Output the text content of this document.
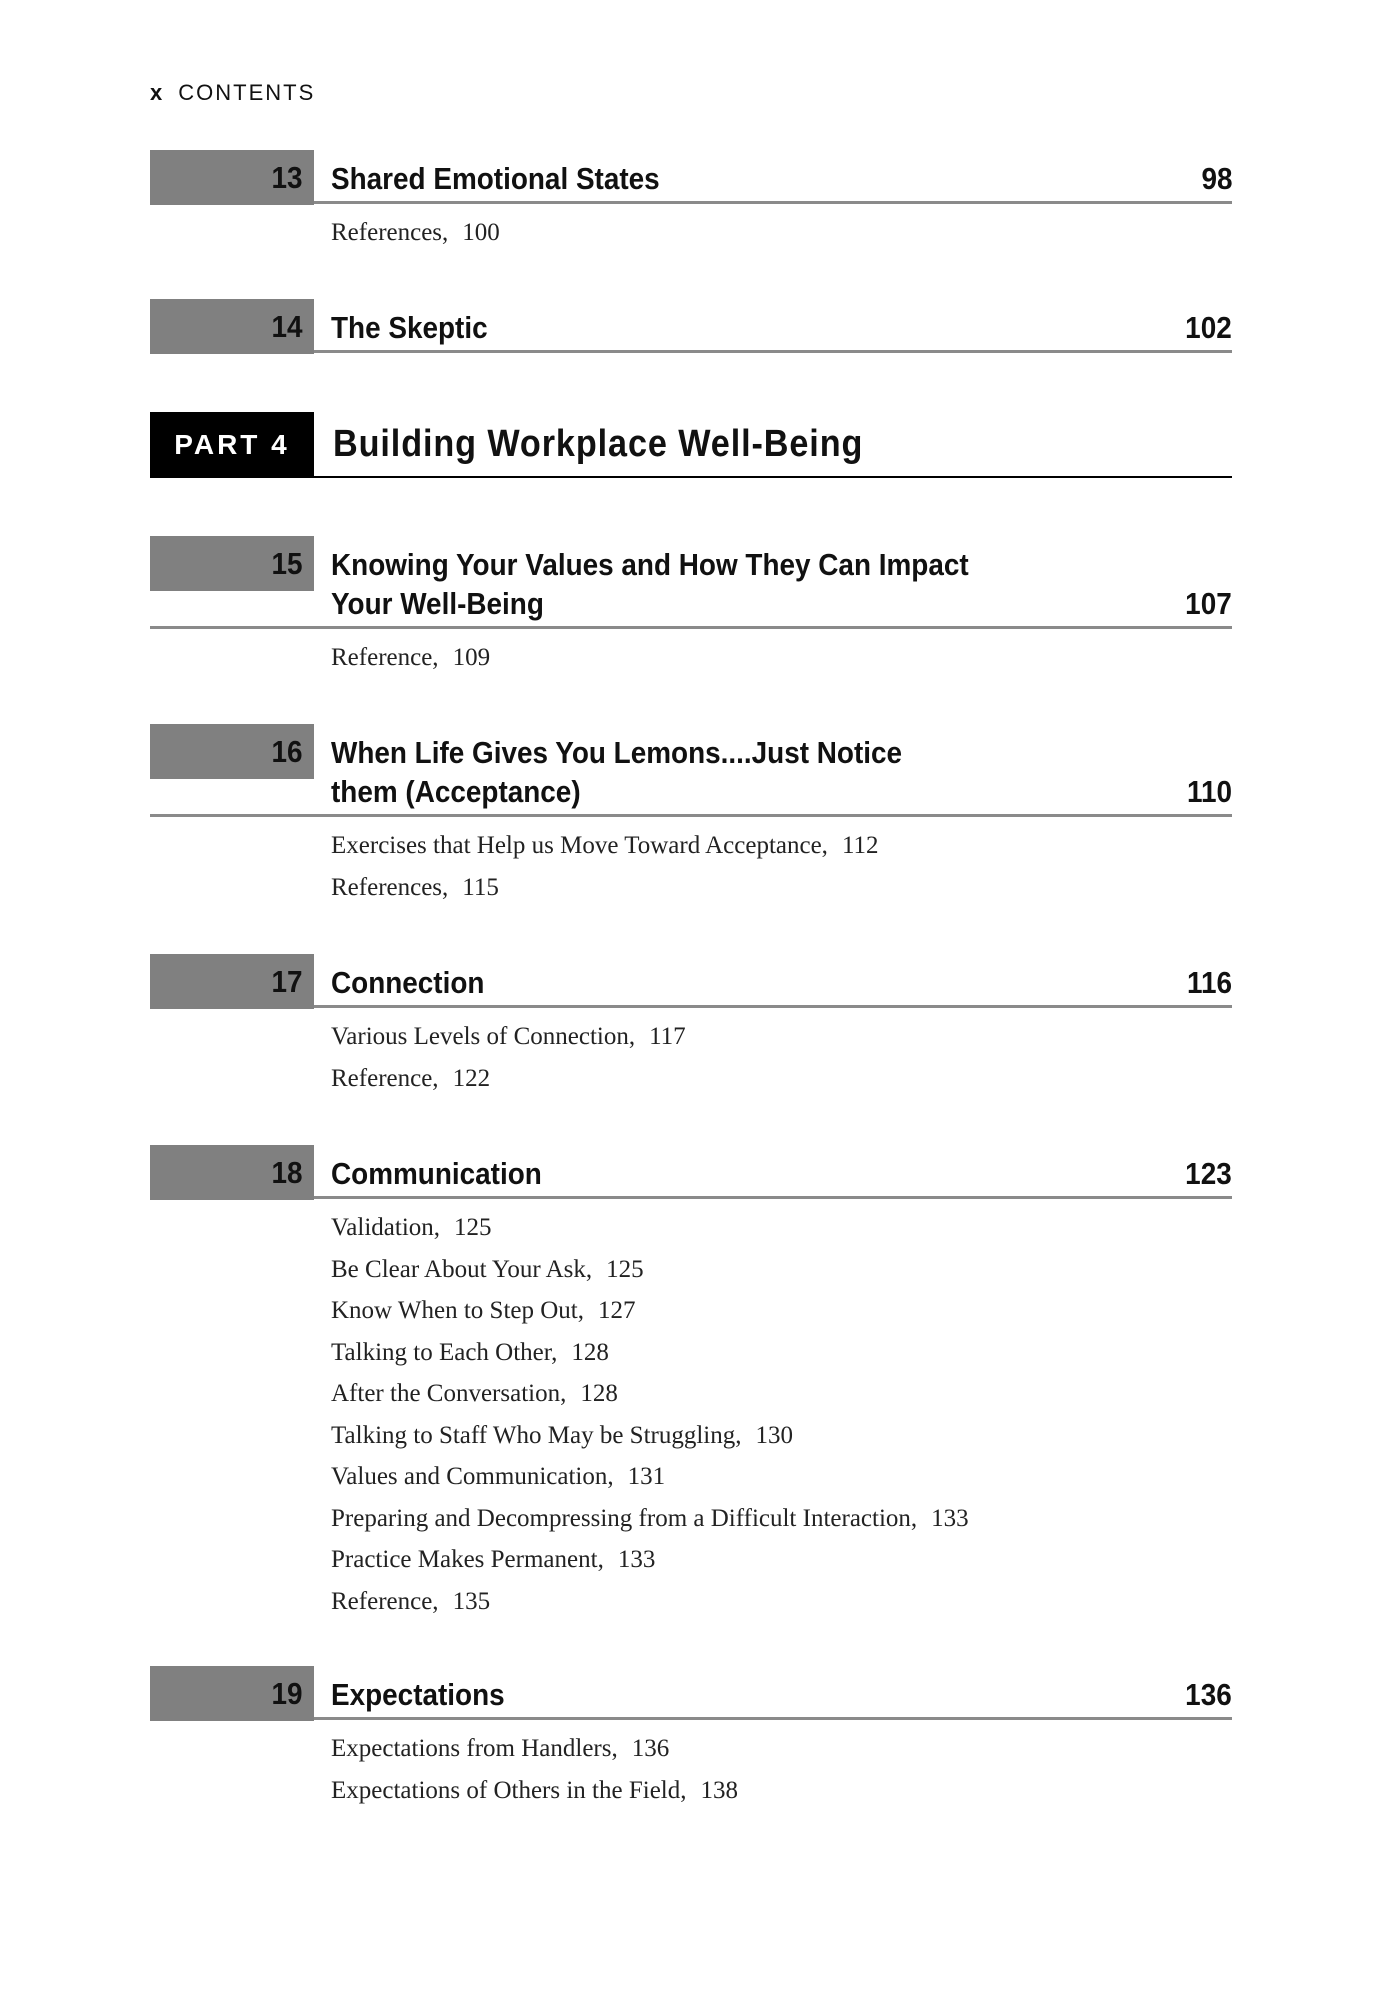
x CONTENTS
13 Shared Emotional States	98
References, 100
14 The Skeptic	102
PART 4	Building Workplace Well-Being
15 Knowing Your Values and How They Can Impact
Your Well-Being	107
Reference, 109
16 When Life Gives You Lemons....Just Notice
them (Acceptance)	110
Exercises that Help us Move Toward Acceptance, 112
References, 115
17 Connection	116
Various Levels of Connection, 117
Reference, 122
18 Communication	123
Validation, 125
Be Clear About Your Ask, 125
Know When to Step Out, 127
Talking to Each Other, 128
After the Conversation, 128
Talking to Staff Who May be Struggling, 130
Values and Communication, 131
Preparing and Decompressing from a Difficult Interaction, 133
Practice Makes Permanent, 133
Reference, 135
19 Expectations	136
Expectations from Handlers, 136
Expectations of Others in the Field, 138
